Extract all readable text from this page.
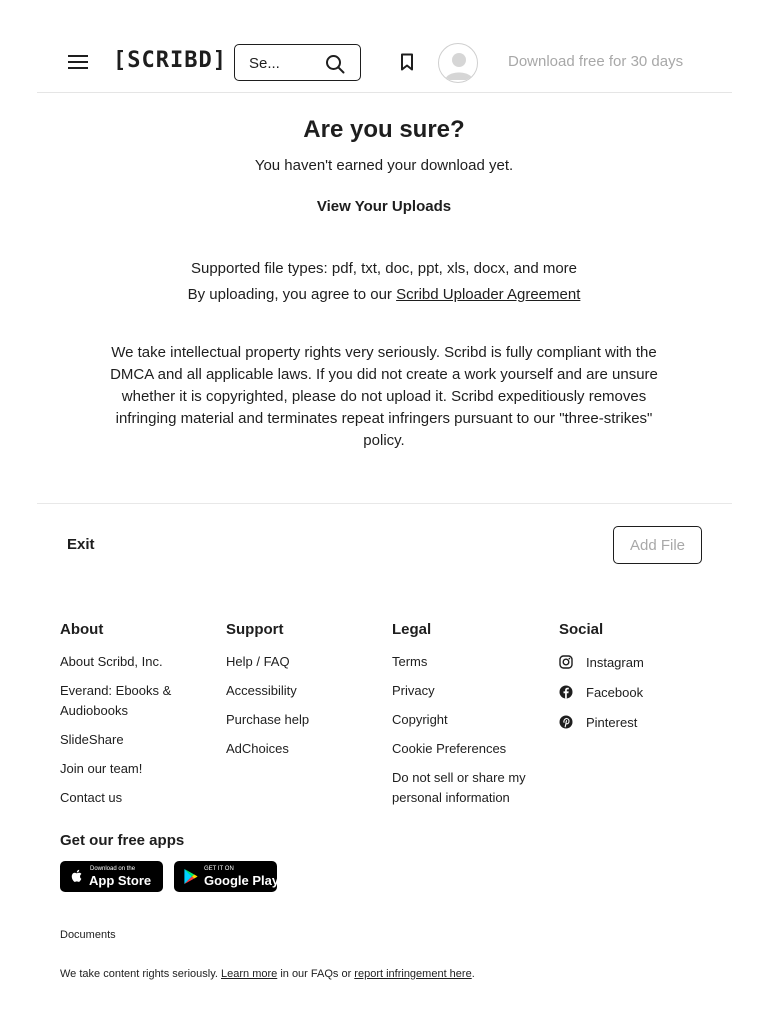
[SCRIBD]
Se...	Download free for 30 days
Are you sure?
You haven't earned your download yet.
View Your Uploads
Supported file types: pdf, txt, doc, ppt, xls, docx, and more
By uploading, you agree to our Scribd Uploader Agreement
We take intellectual property rights very seriously. Scribd is fully compliant with the DMCA and all applicable laws. If you did not create a work yourself and are unsure whether it is copyrighted, please do not upload it. Scribd expeditiously removes infringing material and terminates repeat infringers pursuant to our "three-strikes" policy.
Exit	Add File
About
About Scribd, Inc.
Everand: Ebooks & Audiobooks
SlideShare
Join our team!
Contact us
Support
Help / FAQ
Accessibility
Purchase help
AdChoices
Legal
Terms
Privacy
Copyright
Cookie Preferences
Do not sell or share my personal information
Social
Instagram
Facebook
Pinterest
Get our free apps
Download on the
App Store
GET IT ON
Google Play
Documents
We take content rights seriously. Learn more in our FAQs or report infringement here.
